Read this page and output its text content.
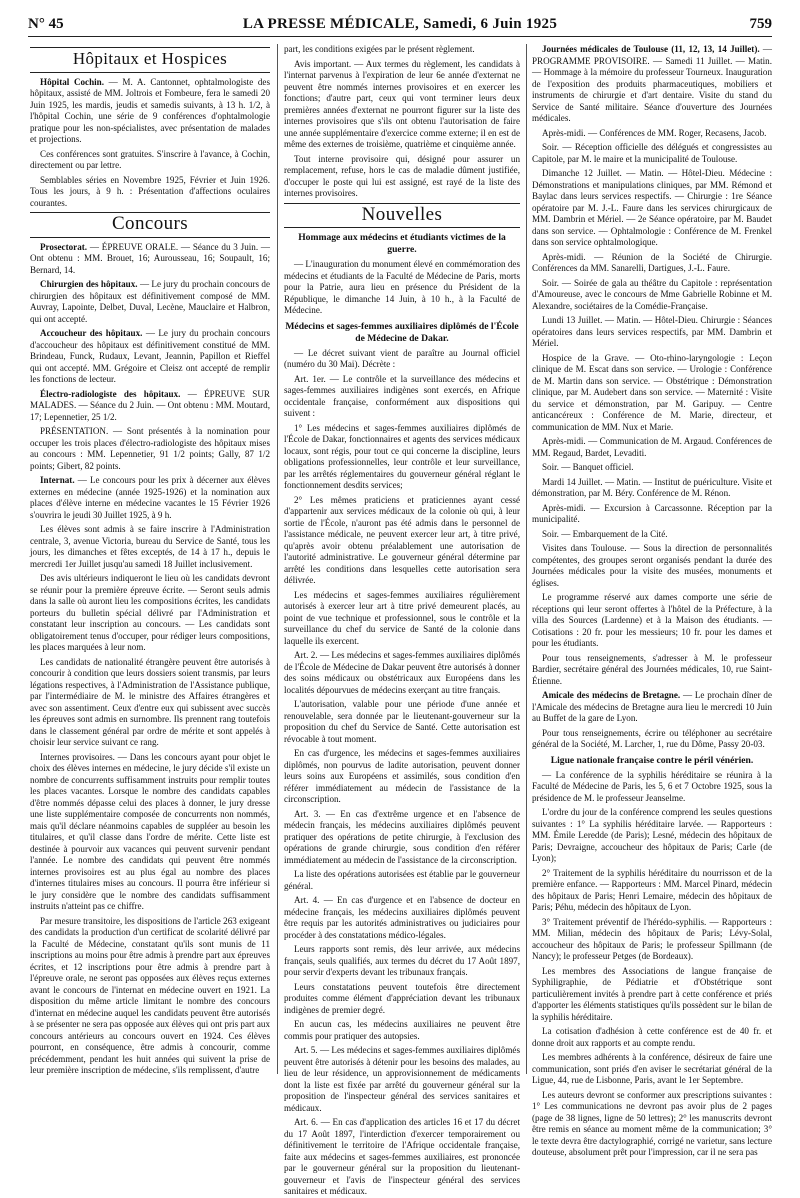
N° 45	LA PRESSE MÉDICALE, Samedi, 6 Juin 1925	759
Hôpitaux et Hospices

Hôpital Cochin. — M. A. Cantonnet, ophtalmologiste des hôpitaux, assisté de MM. Joltrois et Fombeure, fera le samedi 20 Juin 1925, les mardis, jeudis et samedis suivants, à 13 h. 1/2, à l'hôpital Cochin, une série de 9 conférences d'ophtalmologie pratique pour les non-spécialistes, avec présentation de malades et projections.

Ces conférences sont gratuites. S'inscrire à l'avance, à Cochin, directement ou par lettre.

Semblables séries en Novembre 1925, Février et Juin 1926. Tous les jours, à 9 h. : Présentation d'affections oculaires courantes.

Concours

Prosectorat. — ÉPREUVE ORALE. — Séance du 3 Juin. — Ont obtenu : MM. Brouet, 16; Aurousseau, 16; Soupault, 16; Bernard, 14.

Chirurgien des hôpitaux. — Le jury du prochain concours de chirurgien des hôpitaux est définitivement composé de MM. Auvray, Lapointe, Delbet, Duval, Lecène, Mauclaire et Halbron, qui ont accepté.

Accoucheur des hôpitaux. — Le jury du prochain concours d'accoucheur des hôpitaux est définitivement constitué de MM. Brindeau, Funck, Rudaux, Levant, Jeannin, Papillon et Rieffel qui ont accepté. MM. Grégoire et Cleisz ont accepté de remplir les fonctions de lecteur.

Électro-radiologiste des hôpitaux. — ÉPREUVE SUR MALADES. — Séance du 2 Juin. — Ont obtenu : MM. Moutard, 17; Lepennetier, 25 1/2.

PRÉSENTATION. — Sont présentés à la nomination pour occuper les trois places d'électro-radiologiste des hôpitaux mises au concours : MM. Lepennetier, 91 1/2 points; Gally, 87 1/2 points; Gibert, 82 points.

Internat. — Le concours pour les prix à décerner aux élèves externes en médecine (année 1925-1926) et la nomination aux places d'élève interne en médecine vacantes le 15 Février 1926 s'ouvrira le jeudi 30 Juillet 1925, à 9 h.

Les élèves sont admis à se faire inscrire à l'Administration centrale, 3, avenue Victoria, bureau du Service de Santé, tous les jours, les dimanches et fêtes exceptés, de 14 à 17 h., depuis le mercredi 1er Juillet jusqu'au samedi 18 Juillet inclusivement.

Des avis ultérieurs indiqueront le lieu où les candidats devront se réunir pour la première épreuve écrite. — Seront seuls admis dans la salle où auront lieu les compositions écrites, les candidats porteurs du bulletin spécial délivré par l'Administration et constatant leur inscription au concours. — Les candidats sont obligatoirement tenus d'occuper, pour rédiger leurs compositions, les places marquées à leur nom.

Les candidats de nationalité étrangère peuvent être autorisés à concourir à condition que leurs dossiers soient transmis, par leurs légations respectives, à l'Administration de l'Assistance publique, par l'intermédiaire de M. le ministre des Affaires étrangères et avec son assentiment. Ceux d'entre eux qui subissent avec succès les épreuves sont admis en surnombre. Ils prennent rang toutefois dans le classement général par ordre de mérite et sont appelés à choisir leur service suivant ce rang.

Internes provisoires. — Dans les concours ayant pour objet le choix des élèves internes en médecine, le jury décide s'il existe un nombre de concurrents suffisamment instruits pour remplir toutes les places vacantes. Lorsque le nombre des candidats capables d'être nommés dépasse celui des places à donner, le jury dresse une liste supplémentaire composée de concurrents non nommés, mais qu'il déclare néanmoins capables de suppléer au besoin les titulaires, et qu'il classe dans l'ordre de mérite. Cette liste est destinée à pourvoir aux vacances qui peuvent survenir pendant l'année. Le nombre des candidats qui peuvent être nommés internes provisoires est au plus égal au nombre des places d'internes titulaires mises au concours. Il pourra être inférieur si le jury considère que le nombre des candidats suffisamment instruits n'atteint pas ce chiffre.

Par mesure transitoire, les dispositions de l'article 263 exigeant des candidats la production d'un certificat de scolarité délivré par la Faculté de Médecine, constatant qu'ils sont munis de 11 inscriptions au moins pour être admis à prendre part aux épreuves écrites, et 12 inscriptions pour être admis à prendre part à l'épreuve orale, ne seront pas opposées aux élèves reçus externes avant le concours de l'internat en médecine ouvert en 1921. La disposition du même article limitant le nombre des concours d'internat en médecine auquel les candidats peuvent être autorisés à se présenter ne sera pas opposée aux élèves qui ont pris part aux concours antérieurs au concours ouvert en 1924. Ces élèves pourront, en conséquence, être admis à concourir, comme précédemment, pendant les huit années qui suivent la prise de leur première inscription de médecine, s'ils remplissent, d'autre

part, les conditions exigées par le présent règlement.

Avis important. — Aux termes du règlement, les candidats à l'internat parvenus à l'expiration de leur 6e année d'externat ne peuvent être nommés internes provisoires et en exercer les fonctions; d'autre part, ceux qui vont terminer leurs deux premières années d'externat ne pourront figurer sur la liste des internes provisoires que s'ils ont obtenu l'autorisation de faire une année supplémentaire d'exercice comme externe; il en est de même des externes de troisième, quatrième et cinquième année.

Tout interne provisoire qui, désigné pour assurer un remplacement, refuse, hors le cas de maladie dûment justifiée, d'occuper le poste qui lui est assigné, est rayé de la liste des internes provisoires.

Nouvelles
Hommage aux médecins et étudiants victimes de la guerre.

— L'inauguration du monument élevé en commémoration des médecins et étudiants de la Faculté de Médecine de Paris, morts pour la Patrie, aura lieu en présence du Président de la République, le dimanche 14 Juin, à 10 h., à la Faculté de Médecine.

Médecins et sages-femmes auxiliaires diplômés de l'École de Médecine de Dakar.

— Le décret suivant vient de paraître au Journal officiel (numéro du 30 Mai). Décrète :

Art. 1er. — Le contrôle et la surveillance des médecins et sages-femmes auxiliaires indigènes sont exercés, en Afrique occidentale française, conformément aux dispositions qui suivent :

1° Les médecins et sages-femmes auxiliaires diplômés de l'École de Dakar, fonctionnaires et agents des services médicaux locaux, sont régis, pour tout ce qui concerne la discipline, leurs obligations professionnelles, leur contrôle et leur surveillance, par les arrêtés réglementaires du gouverneur général réglant le fonctionnement desdits services;

2° Les mêmes praticiens et praticiennes ayant cessé d'appartenir aux services médicaux de la colonie où qui, à leur sortie de l'École, n'auront pas été admis dans le personnel de l'assistance médicale, ne peuvent exercer leur art, à titre privé, qu'après avoir obtenu préalablement une autorisation de l'autorité administrative. Le gouverneur général détermine par arrêté les conditions dans lesquelles cette autorisation sera délivrée.

Les médecins et sages-femmes auxiliaires régulièrement autorisés à exercer leur art à titre privé demeurent placés, au point de vue technique et professionnel, sous le contrôle et la surveillance du chef du service de Santé de la colonie dans laquelle ils exercent.

Art. 2. — Les médecins et sages-femmes auxiliaires diplômés de l'École de Médecine de Dakar peuvent être autorisés à donner des soins médicaux ou obstétricaux aux Européens dans les localités dépourvues de médecins exerçant au titre français.

L'autorisation, valable pour une période d'une année et renouvelable, sera donnée par le lieutenant-gouverneur sur la proposition du chef du Service de Santé. Cette autorisation est révocable à tout moment.

En cas d'urgence, les médecins et sages-femmes auxiliaires diplômés, non pourvus de ladite autorisation, peuvent donner leurs soins aux Européens et assimilés, sous condition d'en référer immédiatement au médecin de l'assistance de la circonscription.

Art. 3. — En cas d'extrême urgence et en l'absence de médecin français, les médecins auxiliaires diplômés peuvent pratiquer des opérations de petite chirurgie, à l'exclusion des opérations de grande chirurgie, sous condition d'en référer immédiatement au médecin de l'assistance de la circonscription.

La liste des opérations autorisées est établie par le gouverneur général.

Art. 4. — En cas d'urgence et en l'absence de docteur en médecine français, les médecins auxiliaires diplômés peuvent être requis par les autorités administratives ou judiciaires pour procéder à des constatations médico-légales.

Leurs rapports sont remis, dès leur arrivée, aux médecins français, seuls qualifiés, aux termes du décret du 17 Août 1897, pour servir d'experts devant les tribunaux français.

Leurs constatations peuvent toutefois être directement produites comme élément d'appréciation devant les tribunaux indigènes de premier degré.

En aucun cas, les médecins auxiliaires ne peuvent être commis pour pratiquer des autopsies.

Art. 5. — Les médecins et sages-femmes auxiliaires diplômés peuvent être autorisés à détenir pour les besoins des malades, au lieu de leur résidence, un approvisionnement de médicaments dont la liste est fixée par arrêté du gouverneur général sur la proposition de l'inspecteur général des services sanitaires et médicaux.

Art. 6. — En cas d'application des articles 16 et 17 du décret du 17 Août 1897, l'interdiction d'exercer temporairement ou définitivement le territoire de l'Afrique occidentale française, faite aux médecins et sages-femmes auxiliaires, est prononcée par le gouverneur général sur la proposition du lieutenant-gouverneur et l'avis de l'inspecteur général des services sanitaires et médicaux.

Journées médicales de Toulouse (11, 12, 13, 14 Juillet). — PROGRAMME PROVISOIRE. — Samedi 11 Juillet. — Matin. — Hommage à la mémoire du professeur Tourneux. Inauguration de l'exposition des produits pharmaceutiques, mobiliers et instruments de chirurgie et d'art dentaire. Visite du stand du Service de Santé militaire. Séance d'ouverture des Journées médicales.

Après-midi. — Conférences de MM. Roger, Recasens, Jacob.

Soir. — Réception officielle des délégués et congressistes au Capitole, par M. le maire et la municipalité de Toulouse.

Dimanche 12 Juillet. — Matin. — Hôtel-Dieu. Médecine : Démonstrations et manipulations cliniques, par MM. Rémond et Baylac dans leurs services respectifs. — Chirurgie : 1re Séance opératoire par M. J.-L. Faure dans les services chirurgicaux de MM. Dambrin et Mériel. — 2e Séance opératoire, par M. Baudet dans son service. — Ophtalmologie : Conférence de M. Frenkel dans son service ophtalmologique.

Après-midi. — Réunion de la Société de Chirurgie. Conférences da MM. Sanarelli, Dartigues, J.-L. Faure.

Soir. — Soirée de gala au théâtre du Capitole : représentation d'Amoureuse, avec le concours de Mme Gabrielle Robinne et M. Alexandre, sociétaires de la Comédie-Française.

Lundi 13 Juillet. — Matin. — Hôtel-Dieu. Chirurgie : Séances opératoires dans leurs services respectifs, par MM. Dambrin et Mériel.

Hospice de la Grave. — Oto-rhino-laryngologie : Leçon clinique de M. Escat dans son service. — Urologie : Conférence de M. Martin dans son service. — Obstétrique : Démonstration clinique, par M. Audebert dans son service. — Maternité : Visite du service et démonstration, par M. Garipuy. — Centre anticancéreux : Conférence de M. Marie, directeur, et communication de MM. Nux et Marie.

Après-midi. — Communication de M. Argaud. Conférences de MM. Regaud, Bardet, Levaditi.

Soir. — Banquet officiel.

Mardi 14 Juillet. — Matin. — Institut de puériculture. Visite et démonstration, par M. Béry. Conférence de M. Rénon.

Après-midi. — Excursion à Carcassonne. Réception par la municipalité.

Soir. — Embarquement de la Cité.

Visites dans Toulouse. — Sous la direction de personnalités compétentes, des groupes seront organisés pendant la durée des Journées médicales pour la visite des musées, monuments et églises.

Le programme réservé aux dames comporte une série de réceptions qui leur seront offertes à l'hôtel de la Préfecture, à la villa des Sources (Lardenne) et à la Maison des étudiants. — Cotisations : 20 fr. pour les messieurs; 10 fr. pour les dames et pour les étudiants.

Pour tous renseignements, s'adresser à M. le professeur Bardier, secrétaire général des Journées médicales, 10, rue Saint-Étienne.

Amicale des médecins de Bretagne. — Le prochain dîner de l'Amicale des médecins de Bretagne aura lieu le mercredi 10 Juin au Buffet de la gare de Lyon.

Pour tous renseignements, écrire ou téléphoner au secrétaire général de la Société, M. Larcher, 1, rue du Dôme, Passy 20-03.

Ligue nationale française contre le péril vénérien.

— La conférence de la syphilis héréditaire se réunira à la Faculté de Médecine de Paris, les 5, 6 et 7 Octobre 1925, sous la présidence de M. le professeur Jeanselme.

L'ordre du jour de la conférence comprend les seules questions suivantes : 1° La syphilis héréditaire larvée. — Rapporteurs : MM. Émile Leredde (de Paris); Lesné, médecin des hôpitaux de Paris; Devraigne, accoucheur des hôpitaux de Paris; Carle (de Lyon);

2° Traitement de la syphilis héréditaire du nourrisson et de la première enfance. — Rapporteurs : MM. Marcel Pinard, médecin des hôpitaux de Paris; Henri Lemaire, médecin des hôpitaux de Paris; Péhu, médecin des hôpitaux de Lyon.

3° Traitement préventif de l'hérédo-syphilis. — Rapporteurs : MM. Milian, médecin des hôpitaux de Paris; Lévy-Solal, accoucheur des hôpitaux de Paris; le professeur Spillmann (de Nancy); le professeur Petges (de Bordeaux).

Les membres des Associations de langue française de Syphiligraphie, de Pédiatrie et d'Obstétrique sont particulièrement invités à prendre part à cette conférence et priés d'apporter les éléments statistiques qu'ils possèdent sur le bilan de la syphilis héréditaire.

La cotisation d'adhésion à cette conférence est de 40 fr. et donne droit aux rapports et au compte rendu.

Les membres adhérents à la conférence, désireux de faire une communication, sont priés d'en aviser le secrétariat général de la Ligue, 44, rue de Lisbonne, Paris, avant le 1er Septembre.

Les auteurs devront se conformer aux prescriptions suivantes : 1° Les communications ne devront pas avoir plus de 2 pages (page de 38 lignes, ligne de 50 lettres); 2° les manuscrits devront être remis en séance au moment même de la communication; 3° le texte devra être dactylographié, corrigé ne varietur, sans lecture douteuse, absolument prêt pour l'impression, car il ne sera pas
